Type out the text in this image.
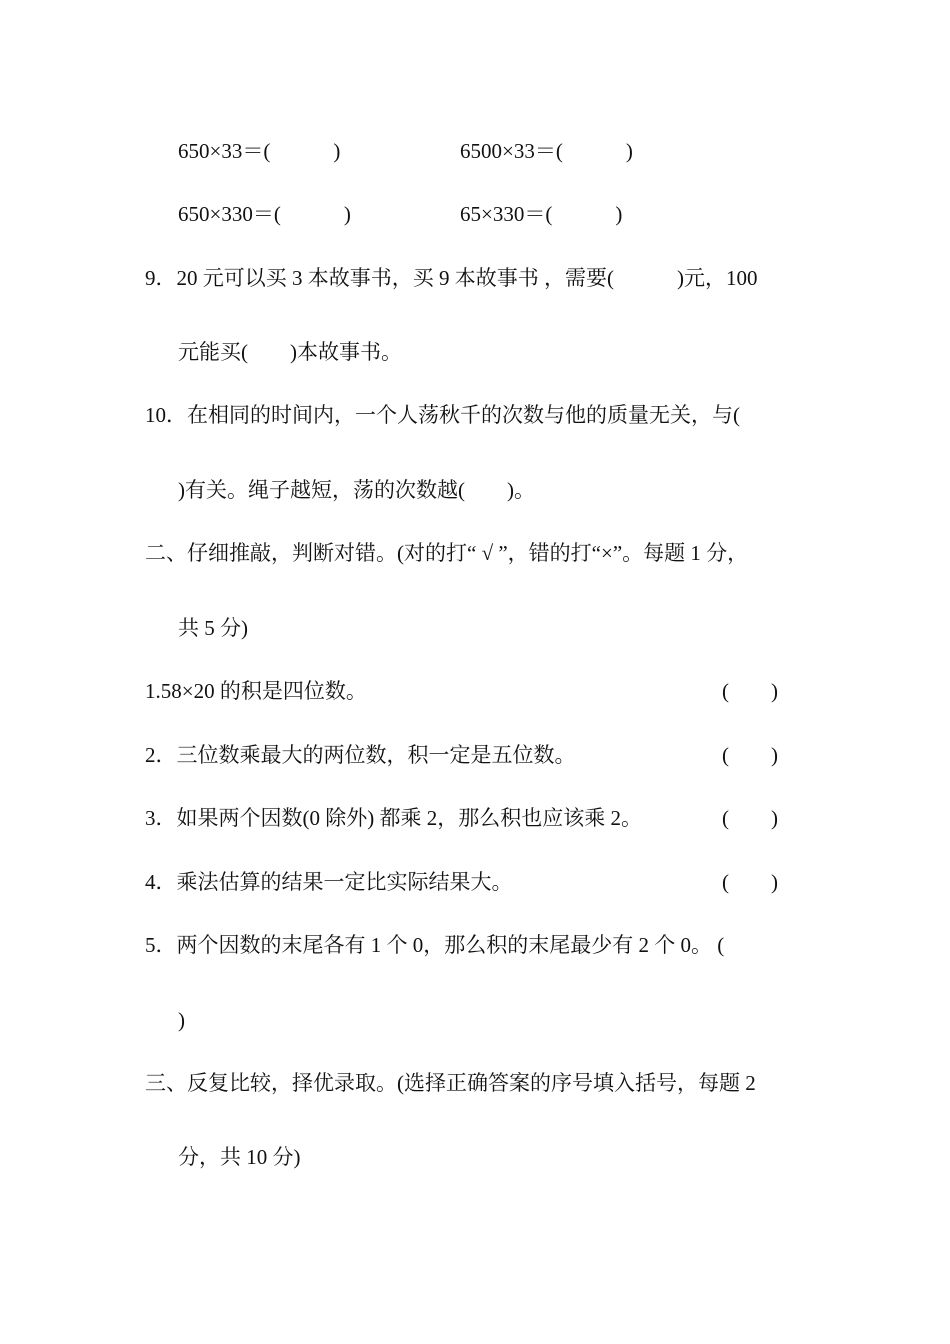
650×33＝(            )	6500×33＝(            )
650×330＝(            )	65×330＝(            )
9．20 元可以买 3 本故事书，买 9 本故事书 ，需要(            )元，100
元能买(        )本故事书。
10．在相同的时间内，一个人荡秋千的次数与他的质量无关，与(
)有关。绳子越短，荡的次数越(        )。
二、仔细推敲，判断对错。(对的打“ √ ”，错的打“×”。每题 1 分，
共 5 分)
1.58×20 的积是四位数。	(        )
2．三位数乘最大的两位数，积一定是五位数。	(        )
3．如果两个因数(0 除外) 都乘 2，那么积也应该乘 2。	(        )
4．乘法估算的结果一定比实际结果大。	(        )
5．两个因数的末尾各有 1 个 0，那么积的末尾最少有 2 个 0。 (
)
三、反复比较，择优录取。(选择正确答案的序号填入括号，每题 2
分，共 10 分)
